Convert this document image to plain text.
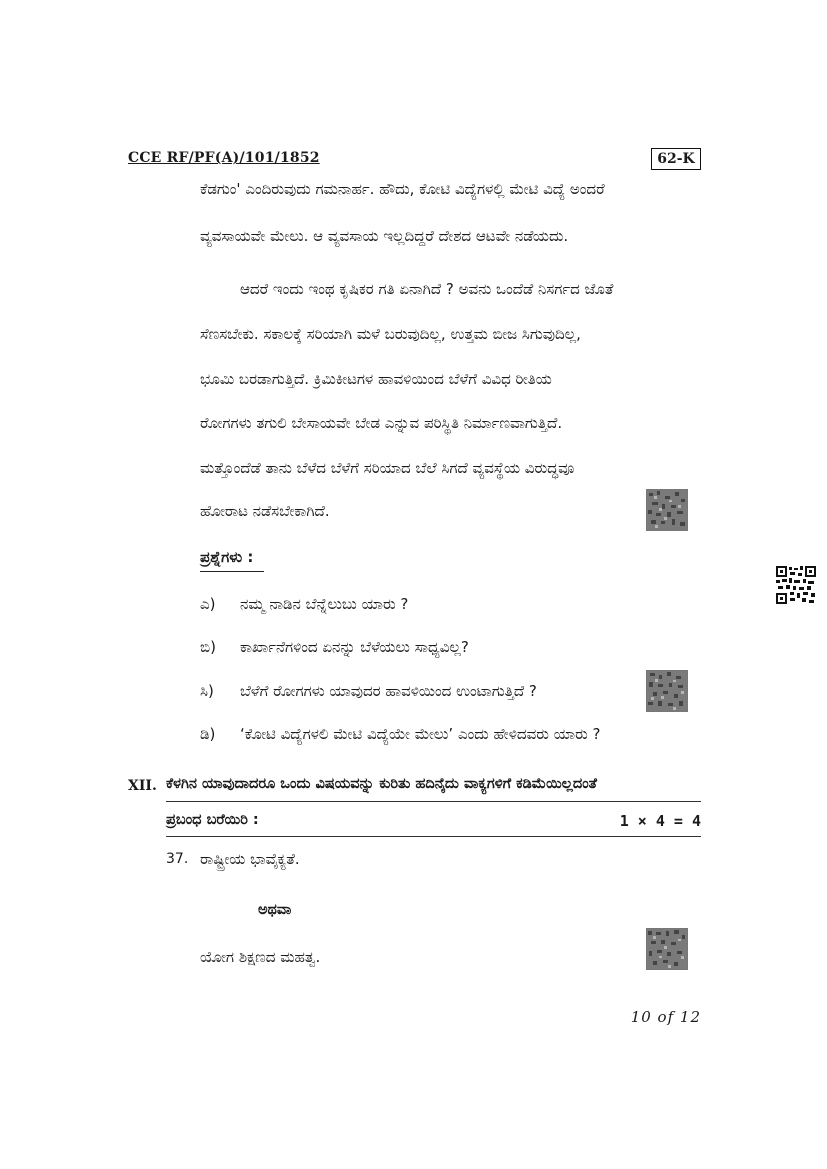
CCE RF/PF(A)/101/1852	62-K
ಕೆಡಗುಂ' ಎಂದಿರುವುದು ಗಮನಾರ್ಹ. ಹೌದು, ಕೋಟಿ ವಿದ್ಯೆಗಳಲ್ಲಿ ಮೇಟಿ ವಿದ್ಯೆ ಅಂದರೆ
ವ್ಯವಸಾಯವೇ ಮೇಲು. ಆ ವ್ಯವಸಾಯ ಇಲ್ಲದಿದ್ದರೆ ದೇಶದ ಆಟವೇ ನಡೆಯದು.
ಆದರೆ ಇಂದು ಇಂಥ ಕೃಷಿಕರ ಗತಿ ಏನಾಗಿದೆ ? ಅವನು ಒಂದೆಡೆ ನಿಸರ್ಗದ ಜೊತೆ
ಸೆಣಸಬೇಕು. ಸಕಾಲಕ್ಕೆ ಸರಿಯಾಗಿ ಮಳೆ ಬರುವುದಿಲ್ಲ, ಉತ್ತಮ ಬೀಜ ಸಿಗುವುದಿಲ್ಲ,
ಭೂಮಿ ಬರಡಾಗುತ್ತಿದೆ. ಕ್ರಿಮಿಕೀಟಗಳ ಹಾವಳಿಯಿಂದ ಬೆಳೆಗೆ ವಿವಿಧ ರೀತಿಯ
ರೋಗಗಳು ತಗುಲಿ ಬೇಸಾಯವೇ ಬೇಡ ಎನ್ನುವ ಪರಿಸ್ಥಿತಿ ನಿರ್ಮಾಣವಾಗುತ್ತಿದೆ.
ಮತ್ತೊಂದೆಡೆ ತಾನು ಬೆಳೆದ ಬೆಳೆಗೆ ಸರಿಯಾದ ಬೆಲೆ ಸಿಗದೆ ವ್ಯವಸ್ಥೆಯ ವಿರುದ್ಧವೂ
ಹೋರಾಟ ನಡೆಸಬೇಕಾಗಿದೆ.
ಪ್ರಶ್ನೆಗಳು :
ಎ) ನಮ್ಮ ನಾಡಿನ ಬೆನ್ನೆಲುಬು ಯಾರು ?
ಬಿ) ಕಾರ್ಖಾನೆಗಳಿಂದ ಏನನ್ನು ಬೆಳೆಯಲು ಸಾಧ್ಯವಿಲ್ಲ?
ಸಿ) ಬೆಳೆಗೆ ರೋಗಗಳು ಯಾವುದರ ಹಾವಳಿಯಿಂದ ಉಂಟಾಗುತ್ತಿದೆ ?
ಡಿ) ‘ಕೋಟಿ ವಿದ್ಯೆಗಳಲಿ ಮೇಟಿ ವಿದ್ಯೆಯೇ ಮೇಲು’ ಎಂದು ಹೇಳಿದವರು ಯಾರು ?
XII. ಕೆಳಗಿನ ಯಾವುದಾದರೂ ಒಂದು ವಿಷಯವನ್ನು ಕುರಿತು ಹದಿನೈದು ವಾಕ್ಯಗಳಿಗೆ ಕಡಿಮೆಯಿಲ್ಲದಂತೆ
ಪ್ರಬಂಧ ಬರೆಯಿರಿ :	1 × 4 = 4
37. ರಾಷ್ಟ್ರೀಯ ಭಾವೈಕ್ಯತೆ.
ಅಥವಾ
ಯೋಗ ಶಿಕ್ಷಣದ ಮಹತ್ವ.
10 of 12
